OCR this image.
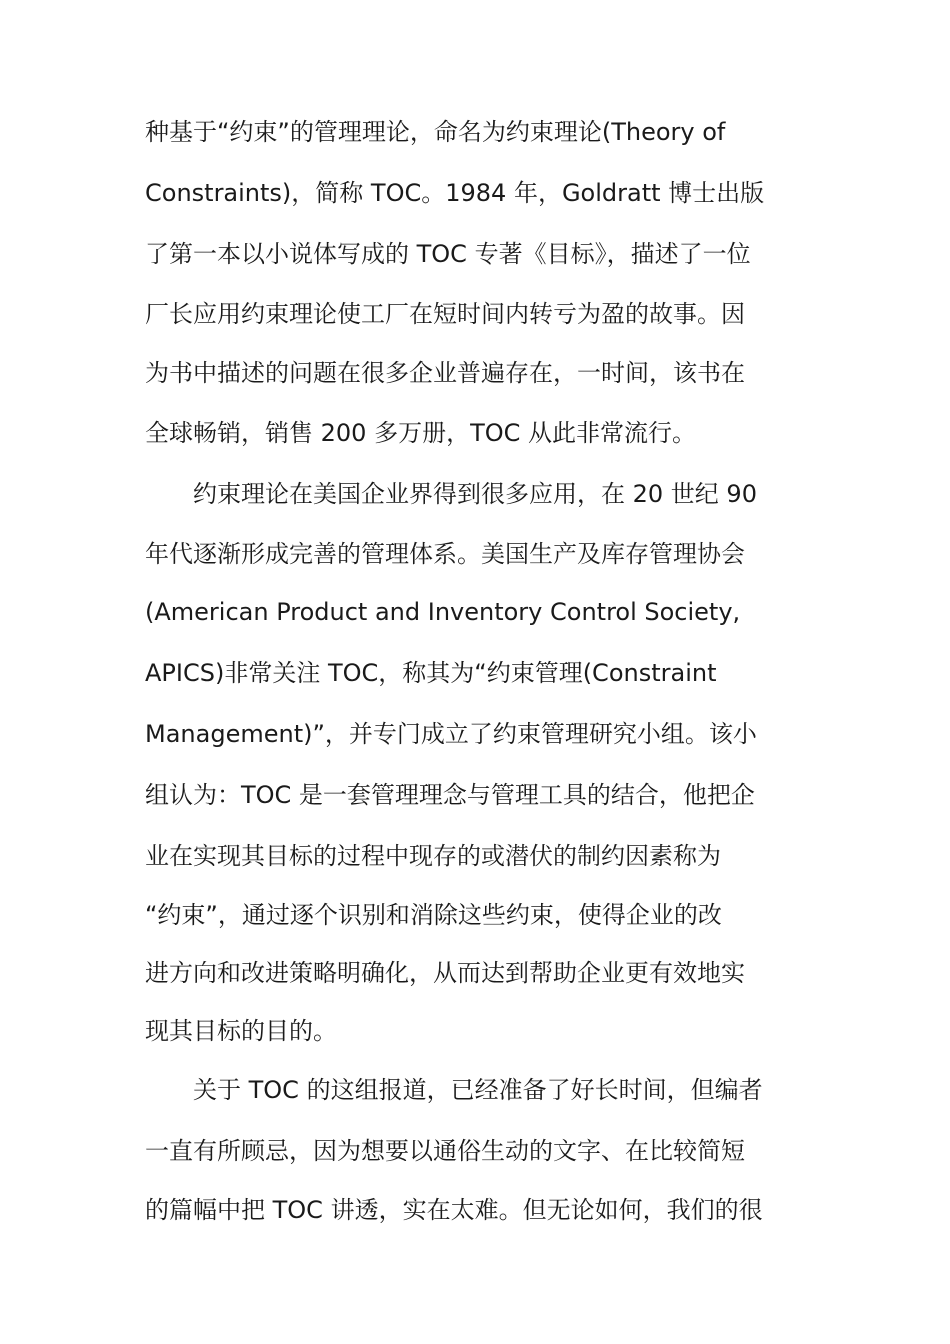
种基于“约束”的管理理论，命名为约束理论(Theory of
Constraints)，简称 TOC。1984 年，Goldratt 博士出版
了第一本以小说体写成的 TOC 专著《目标》，描述了一位
厂长应用约束理论使工厂在短时间内转亏为盈的故事。因
为书中描述的问题在很多企业普遍存在，一时间，该书在
全球畅销，销售 200 多万册，TOC 从此非常流行。
约束理论在美国企业界得到很多应用，在 20 世纪 90
年代逐渐形成完善的管理体系。美国生产及库存管理协会
(American Product and Inventory Control Society,
APICS)非常关注 TOC，称其为“约束管理(Constraint
Management)”，并专门成立了约束管理研究小组。该小
组认为：TOC 是一套管理理念与管理工具的结合，他把企
业在实现其目标的过程中现存的或潜伏的制约因素称为
“约束”，通过逐个识别和消除这些约束，使得企业的改
进方向和改进策略明确化，从而达到帮助企业更有效地实
现其目标的目的。
关于 TOC 的这组报道，已经准备了好长时间，但编者
一直有所顾忌，因为想要以通俗生动的文字、在比较简短
的篇幅中把 TOC 讲透，实在太难。但无论如何，我们的很
